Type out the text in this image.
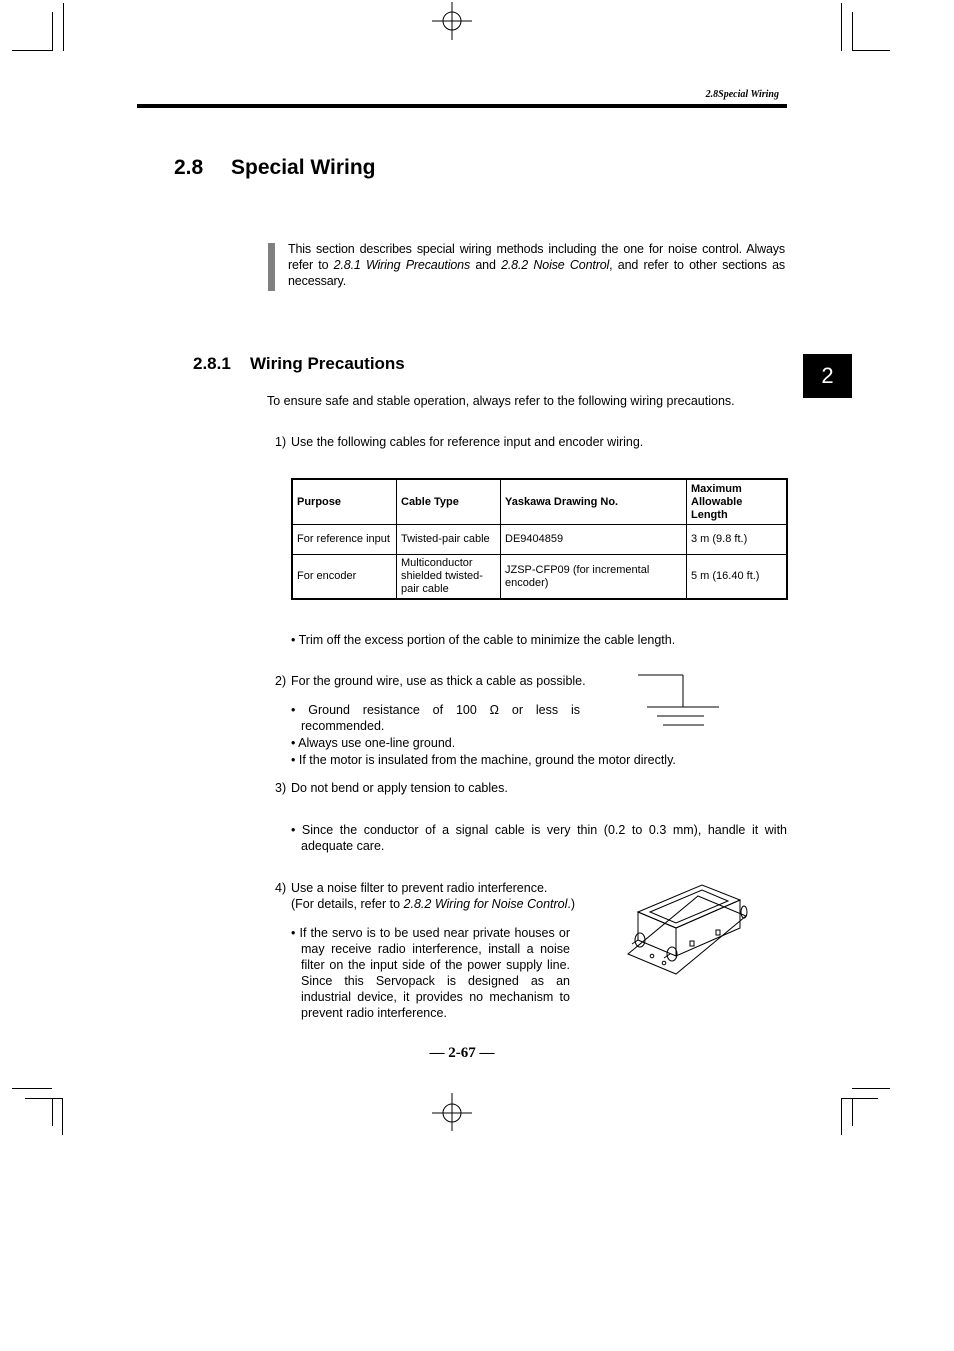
2.8Special Wiring
2.8 Special Wiring
This section describes special wiring methods including the one for noise control. Always refer to 2.8.1 Wiring Precautions and 2.8.2 Noise Control, and refer to other sections as necessary.
2.8.1 Wiring Precautions	2
To ensure safe and stable operation, always refer to the following wiring precautions.
1) Use the following cables for reference input and encoder wiring.
Purpose	Cable Type	Yaskawa Drawing No.	Maximum Allowable Length
For reference input	Twisted-pair cable	DE9404859	3 m (9.8 ft.)
For encoder	Multiconductor shielded twisted-pair cable	JZSP-CFP09 (for incremental encoder)	5 m (16.40 ft.)
• Trim off the excess portion of the cable to minimize the cable length.
2) For the ground wire, use as thick a cable as possible.
• Ground resistance of 100 Ω or less is recommended.
• Always use one-line ground.
• If the motor is insulated from the machine, ground the motor directly.
3) Do not bend or apply tension to cables.
• Since the conductor of a signal cable is very thin (0.2 to 0.3 mm), handle it with adequate care.
4) Use a noise filter to prevent radio interference.
(For details, refer to 2.8.2 Wiring for Noise Control.)
• If the servo is to be used near private houses or may receive radio interference, install a noise filter on the input side of the power supply line. Since this Servopack is designed as an industrial device, it provides no mechanism to prevent radio interference.
— 2-67 —
